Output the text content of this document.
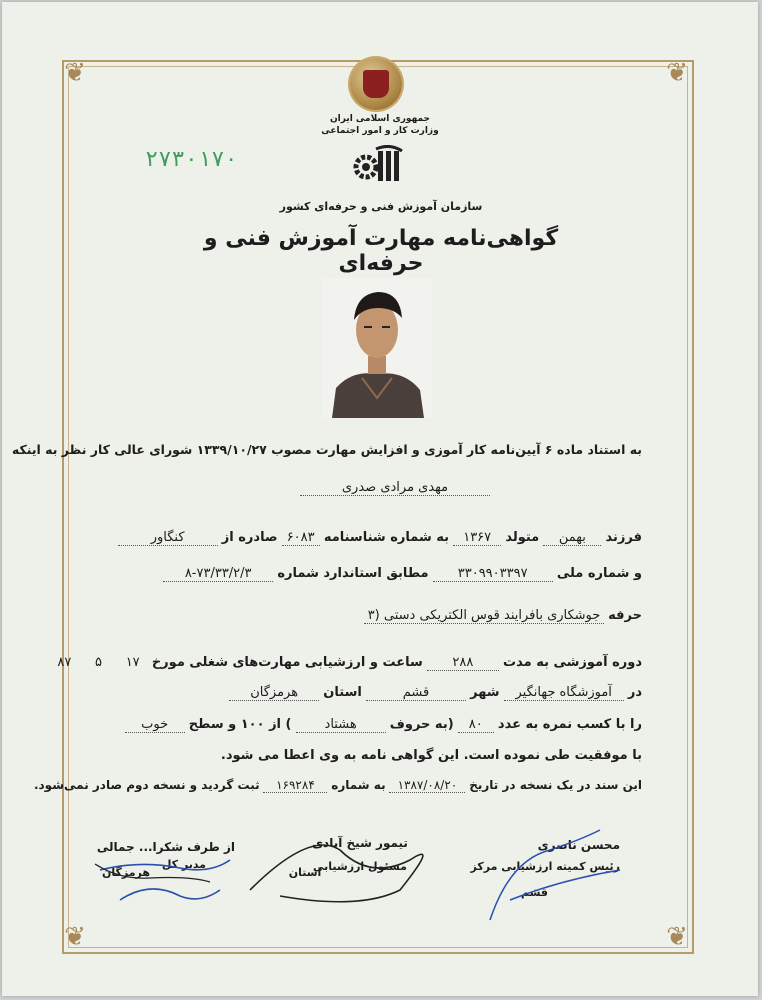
❦	❦
❦	❦
جمهوری اسلامی ایران
وزارت کار و امور اجتماعی
۲۷۳۰۱۷۰
سازمان آموزش فنی و حرفه‌ای کشور
گواهی‌نامه مهارت آموزش فنی و حرفه‌ای
به استناد ماده ۶ آیین‌نامه کار آموزی و افزایش مهارت مصوب ۱۳۳۹/۱۰/۲۷ شورای عالی کار نظر به اینکه
مهدی مرادی صدری
فرزند بهمن متولد ۱۳۶۷ به شماره شناسنامه ۶۰۸۳ صادره از کنگاور
و شماره ملی ۳۳۰۹۹۰۳۳۹۷ مطابق استاندارد شماره ۸-۷۳/۳۳/۲/۳
حرفه جوشکاری بافرایند قوس الکتریکی دستی (۳
دوره آموزشی به مدت ۲۸۸ ساعت و ارزشیابی مهارت‌های شغلی مورخ ۱۷ ۵ ۸۷
در آموزشگاه جهانگیر شهر قشم استان هرمزگان
را با کسب نمره به عدد ۸۰ (به حروف هشتاد ) از ۱۰۰ و سطح خوب
با موفقیت طی نموده است. این گواهی نامه به وی اعطا می شود.
این سند در یک نسخه در تاریخ ۱۳۸۷/۰۸/۲۰ به شماره ۱۶۹۲۸۴ ثبت گردید و نسخه دوم صادر نمی‌شود.
محسن ناصری
رئیس کمیته ارزشیابی مرکز
قشم
تیمور شیخ آبادی
مسئول ارزشیابی
استان
از طرف شکرا... جمالی
مدیر کل
هرمزگان
